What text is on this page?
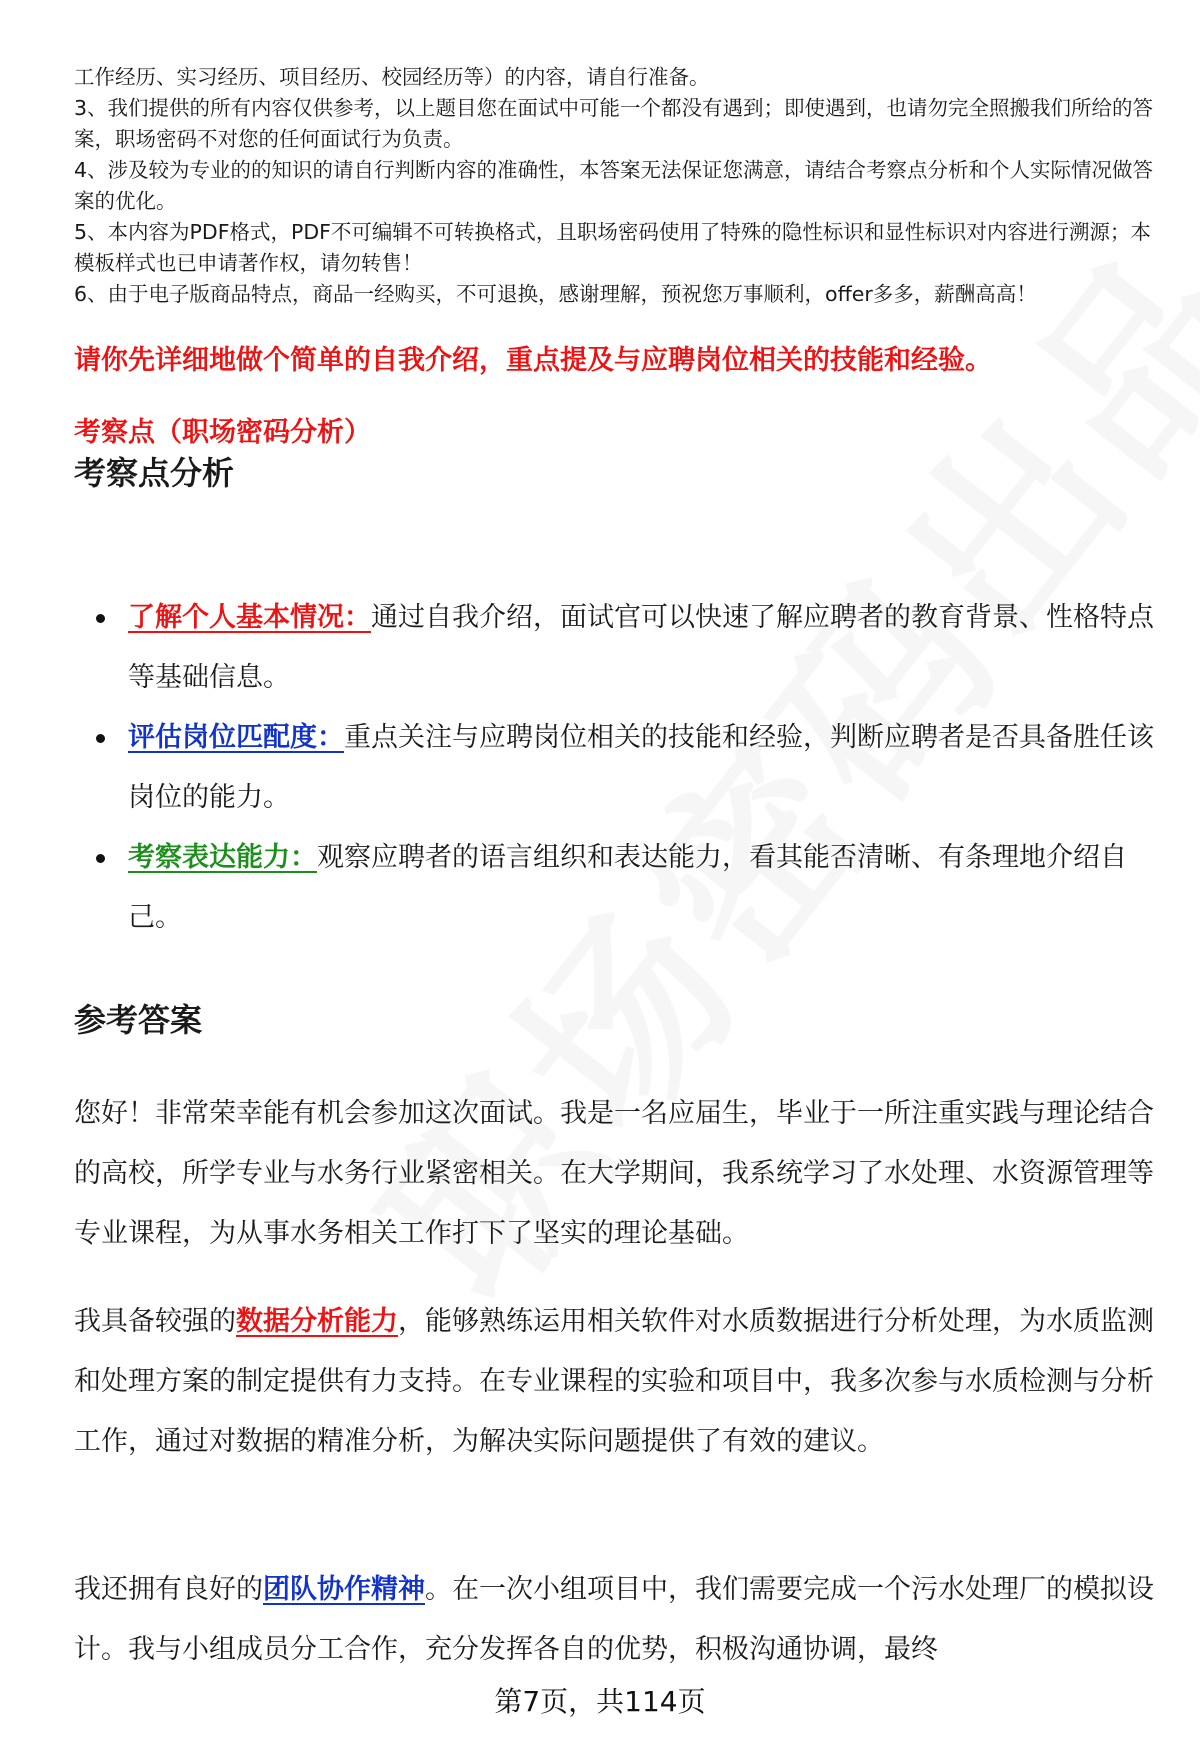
工作经历、实习经历、项目经历、校园经历等）的内容，请自行准备。

3、我们提供的所有内容仅供参考，以上题目您在面试中可能一个都没有遇到；即使遇到，也请勿完全照搬我们所给的答案，职场密码不对您的任何面试行为负责。

4、涉及较为专业的的知识的请自行判断内容的准确性，本答案无法保证您满意，请结合考察点分析和个人实际情况做答案的优化。

5、本内容为PDF格式，PDF不可编辑不可转换格式，且职场密码使用了特殊的隐性标识和显性标识对内容进行溯源；本模板样式也已申请著作权，请勿转售！

6、由于电子版商品特点，商品一经购买，不可退换，感谢理解，预祝您万事顺利，offer多多，薪酬高高！

请你先详细地做个简单的自我介绍，重点提及与应聘岗位相关的技能和经验。
考察点（职场密码分析）
考察点分析
了解个人基本情况：通过自我介绍，面试官可以快速了解应聘者的教育背景、性格特点等基础信息。
评估岗位匹配度：重点关注与应聘岗位相关的技能和经验，判断应聘者是否具备胜任该岗位的能力。
考察表达能力：观察应聘者的语言组织和表达能力，看其能否清晰、有条理地介绍自己。
参考答案

您好！非常荣幸能有机会参加这次面试。我是一名应届生，毕业于一所注重实践与理论结合的高校，所学专业与水务行业紧密相关。在大学期间，我系统学习了水处理、水资源管理等专业课程，为从事水务相关工作打下了坚实的理论基础。

我具备较强的数据分析能力，能够熟练运用相关软件对水质数据进行分析处理，为水质监测和处理方案的制定提供有力支持。在专业课程的实验和项目中，我多次参与水质检测与分析工作，通过对数据的精准分析，为解决实际问题提供了有效的建议。

我还拥有良好的团队协作精神。在一次小组项目中，我们需要完成一个污水处理厂的模拟设计。我与小组成员分工合作，充分发挥各自的优势，积极沟通协调，最终

第7页，共114页
